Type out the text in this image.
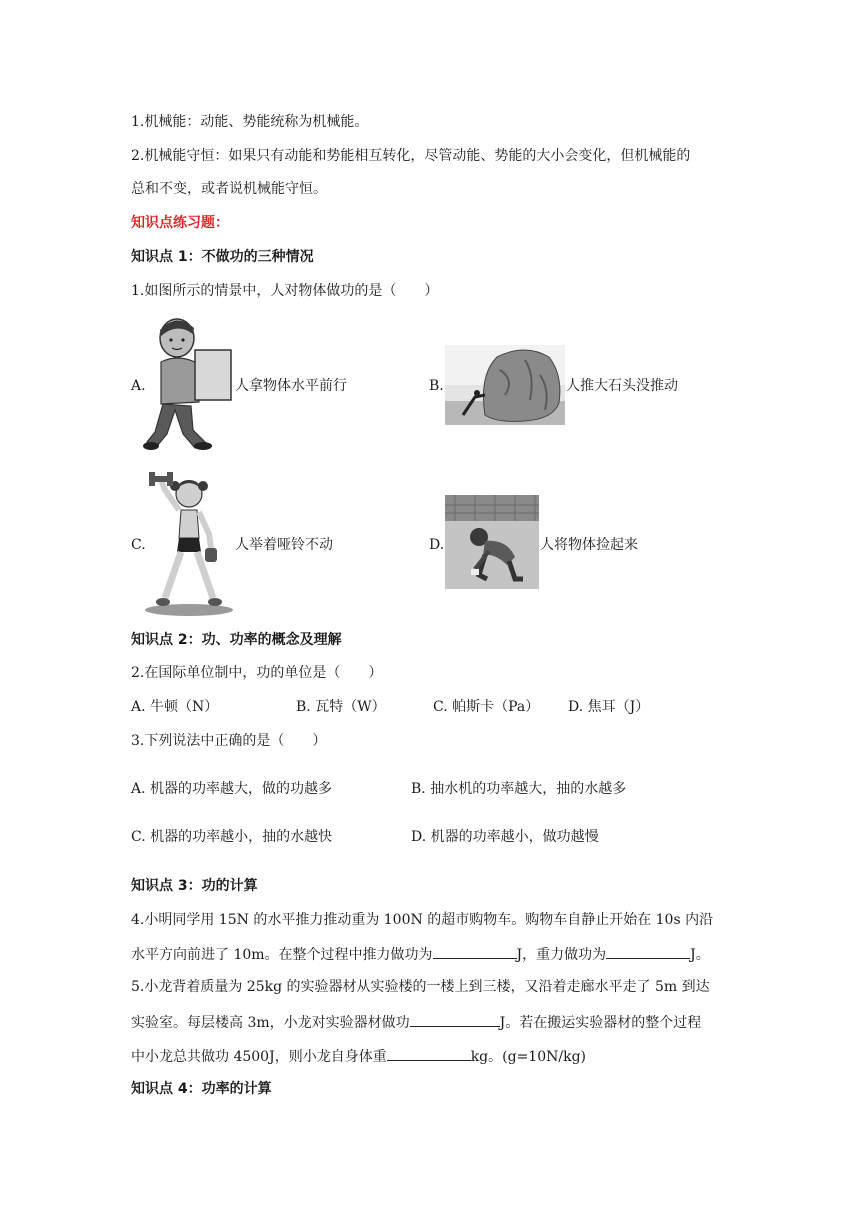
1.机械能：动能、势能统称为机械能。
2.机械能守恒：如果只有动能和势能相互转化，尽管动能、势能的大小会变化，但机械能的
总和不变，或者说机械能守恒。
知识点练习题：
知识点 1：不做功的三种情况
1.如图所示的情景中，人对物体做功的是（　　）
A.	人拿物体水平前行	B.	人推大石头没推动
C.	人举着哑铃不动	D.	人将物体捡起来
知识点 2：功、功率的概念及理解
2.在国际单位制中，功的单位是（　　）
A. 牛顿（N）	B. 瓦特（W）	C. 帕斯卡（Pa） D. 焦耳（J）
3.下列说法中正确的是（　　）
A. 机器的功率越大，做的功越多	B. 抽水机的功率越大，抽的水越多
C. 机器的功率越小，抽的水越快	D. 机器的功率越小，做功越慢
知识点 3：功的计算
4.小明同学用 15N 的水平推力推动重为 100N 的超市购物车。购物车自静止开始在 10s 内沿
水平方向前进了 10m。在整个过程中推力做功为	J，重力做功为	J。
5.小龙背着质量为 25kg 的实验器材从实验楼的一楼上到三楼，又沿着走廊水平走了 5m 到达
实验室。每层楼高 3m，小龙对实验器材做功	J。若在搬运实验器材的整个过程
中小龙总共做功 4500J，则小龙自身体重	kg。(g=10N/kg)
知识点 4：功率的计算
